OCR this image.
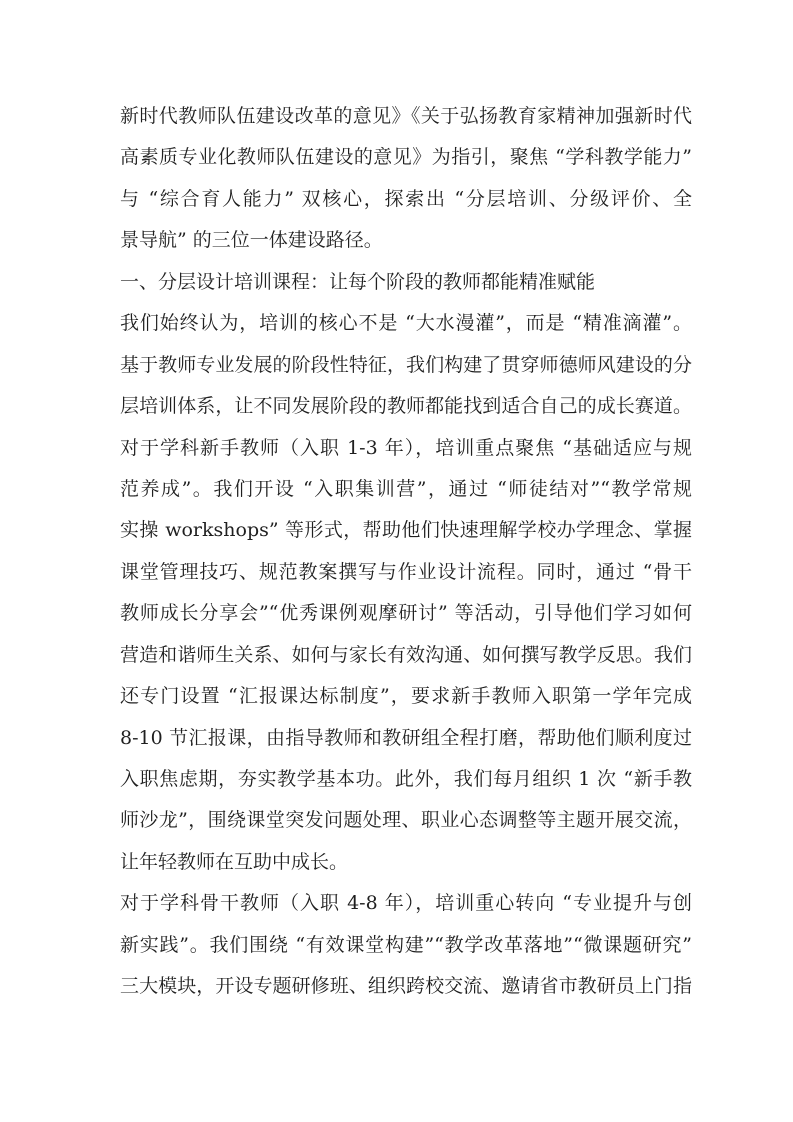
新时代教师队伍建设改革的意见》《关于弘扬教育家精神加强新时代
高素质专业化教师队伍建设的意见》为指引，聚焦 “学科教学能力”
与 “综合育人能力” 双核心，探索出 “分层培训、分级评价、全
景导航” 的三位一体建设路径。
一、分层设计培训课程：让每个阶段的教师都能精准赋能
我们始终认为，培训的核心不是 “大水漫灌”，而是 “精准滴灌”。
基于教师专业发展的阶段性特征，我们构建了贯穿师德师风建设的分
层培训体系，让不同发展阶段的教师都能找到适合自己的成长赛道。
对于学科新手教师（入职 1-3 年），培训重点聚焦 “基础适应与规
范养成”。我们开设 “入职集训营”，通过 “师徒结对”“教学常规
实操 workshops” 等形式，帮助他们快速理解学校办学理念、掌握
课堂管理技巧、规范教案撰写与作业设计流程。同时，通过 “骨干
教师成长分享会”“优秀课例观摩研讨” 等活动，引导他们学习如何
营造和谐师生关系、如何与家长有效沟通、如何撰写教学反思。我们
还专门设置 “汇报课达标制度”，要求新手教师入职第一学年完成
8-10 节汇报课，由指导教师和教研组全程打磨，帮助他们顺利度过
入职焦虑期，夯实教学基本功。此外，我们每月组织 1 次 “新手教
师沙龙”，围绕课堂突发问题处理、职业心态调整等主题开展交流，
让年轻教师在互助中成长。
对于学科骨干教师（入职 4-8 年），培训重心转向 “专业提升与创
新实践”。我们围绕 “有效课堂构建”“教学改革落地”“微课题研究”
三大模块，开设专题研修班、组织跨校交流、邀请省市教研员上门指
